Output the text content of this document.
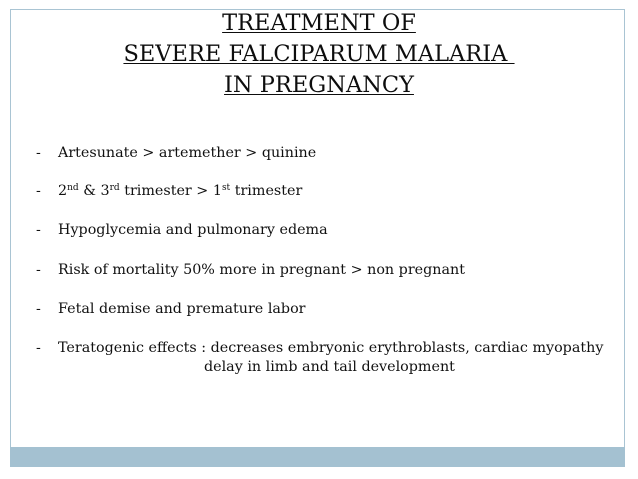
TREATMENT OF
SEVERE FALCIPARUM MALARIA
IN PREGNANCY
- Artesunate > artemether > quinine
- 2nd & 3rd trimester > 1st trimester
- Hypoglycemia and pulmonary edema
- Risk of mortality 50% more in pregnant > non pregnant
- Fetal demise and premature labor
- Teratogenic effects : decreases embryonic erythroblasts, cardiac myopathy
delay in limb and tail development
